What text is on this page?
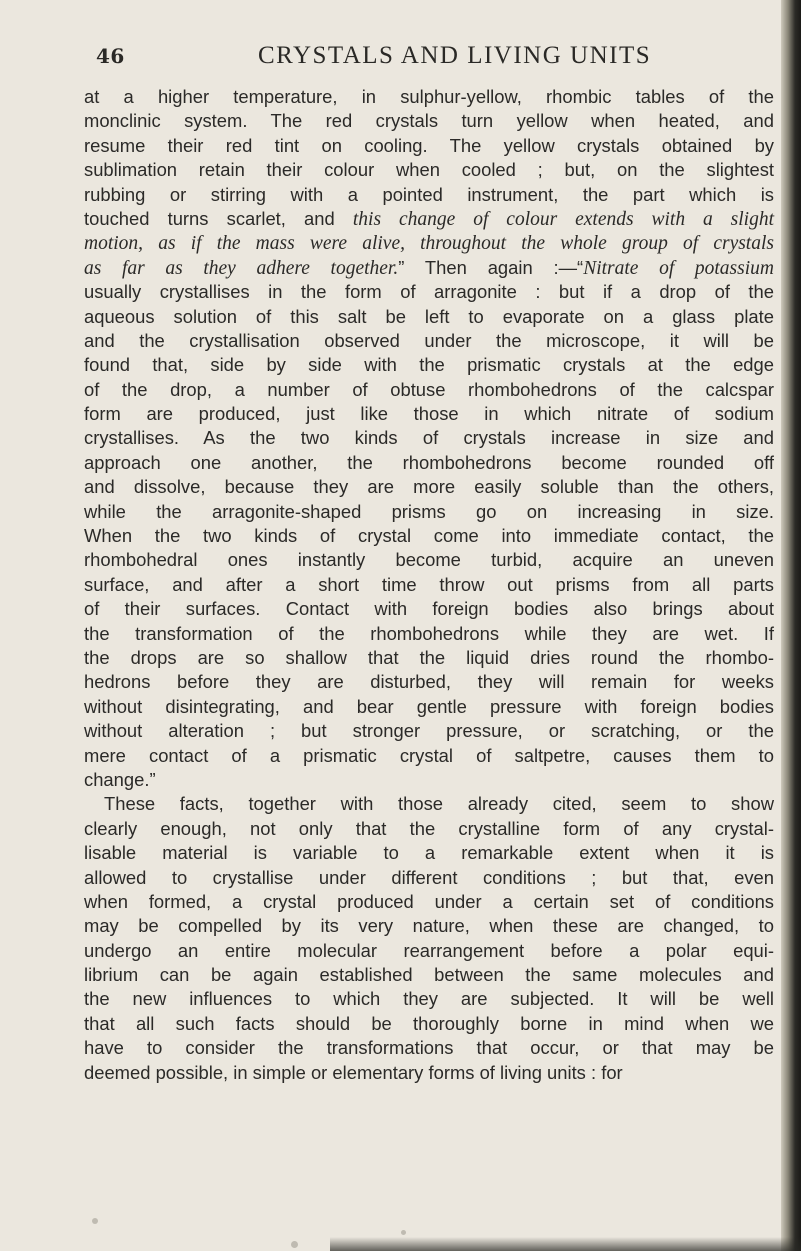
46	CRYSTALS AND LIVING UNITS
at a higher temperature, in sulphur-yellow, rhombic tables of the
monclinic system. The red crystals turn yellow when heated, and
resume their red tint on cooling. The yellow crystals obtained by
sublimation retain their colour when cooled ; but, on the slightest
rubbing or stirring with a pointed instrument, the part which is
touched turns scarlet, and this change of colour extends with a slight
motion, as if the mass were alive, throughout the whole group of crystals
as far as they adhere together.” Then again :—“Nitrate of potassium
usually crystallises in the form of arragonite : but if a drop of the
aqueous solution of this salt be left to evaporate on a glass plate
and the crystallisation observed under the microscope, it will be
found that, side by side with the prismatic crystals at the edge
of the drop, a number of obtuse rhombohedrons of the calcspar
form are produced, just like those in which nitrate of sodium
crystallises. As the two kinds of crystals increase in size and
approach one another, the rhombohedrons become rounded off
and dissolve, because they are more easily soluble than the others,
while the arragonite-shaped prisms go on increasing in size.
When the two kinds of crystal come into immediate contact, the
rhombohedral ones instantly become turbid, acquire an uneven
surface, and after a short time throw out prisms from all parts
of their surfaces. Contact with foreign bodies also brings about
the transformation of the rhombohedrons while they are wet. If
the drops are so shallow that the liquid dries round the rhombo-
hedrons before they are disturbed, they will remain for weeks
without disintegrating, and bear gentle pressure with foreign bodies
without alteration ; but stronger pressure, or scratching, or the
mere contact of a prismatic crystal of saltpetre, causes them to
change.”
These facts, together with those already cited, seem to show
clearly enough, not only that the crystalline form of any crystal-
lisable material is variable to a remarkable extent when it is
allowed to crystallise under different conditions ; but that, even
when formed, a crystal produced under a certain set of conditions
may be compelled by its very nature, when these are changed, to
undergo an entire molecular rearrangement before a polar equi-
librium can be again established between the same molecules and
the new influences to which they are subjected. It will be well
that all such facts should be thoroughly borne in mind when we
have to consider the transformations that occur, or that may be
deemed possible, in simple or elementary forms of living units : for
